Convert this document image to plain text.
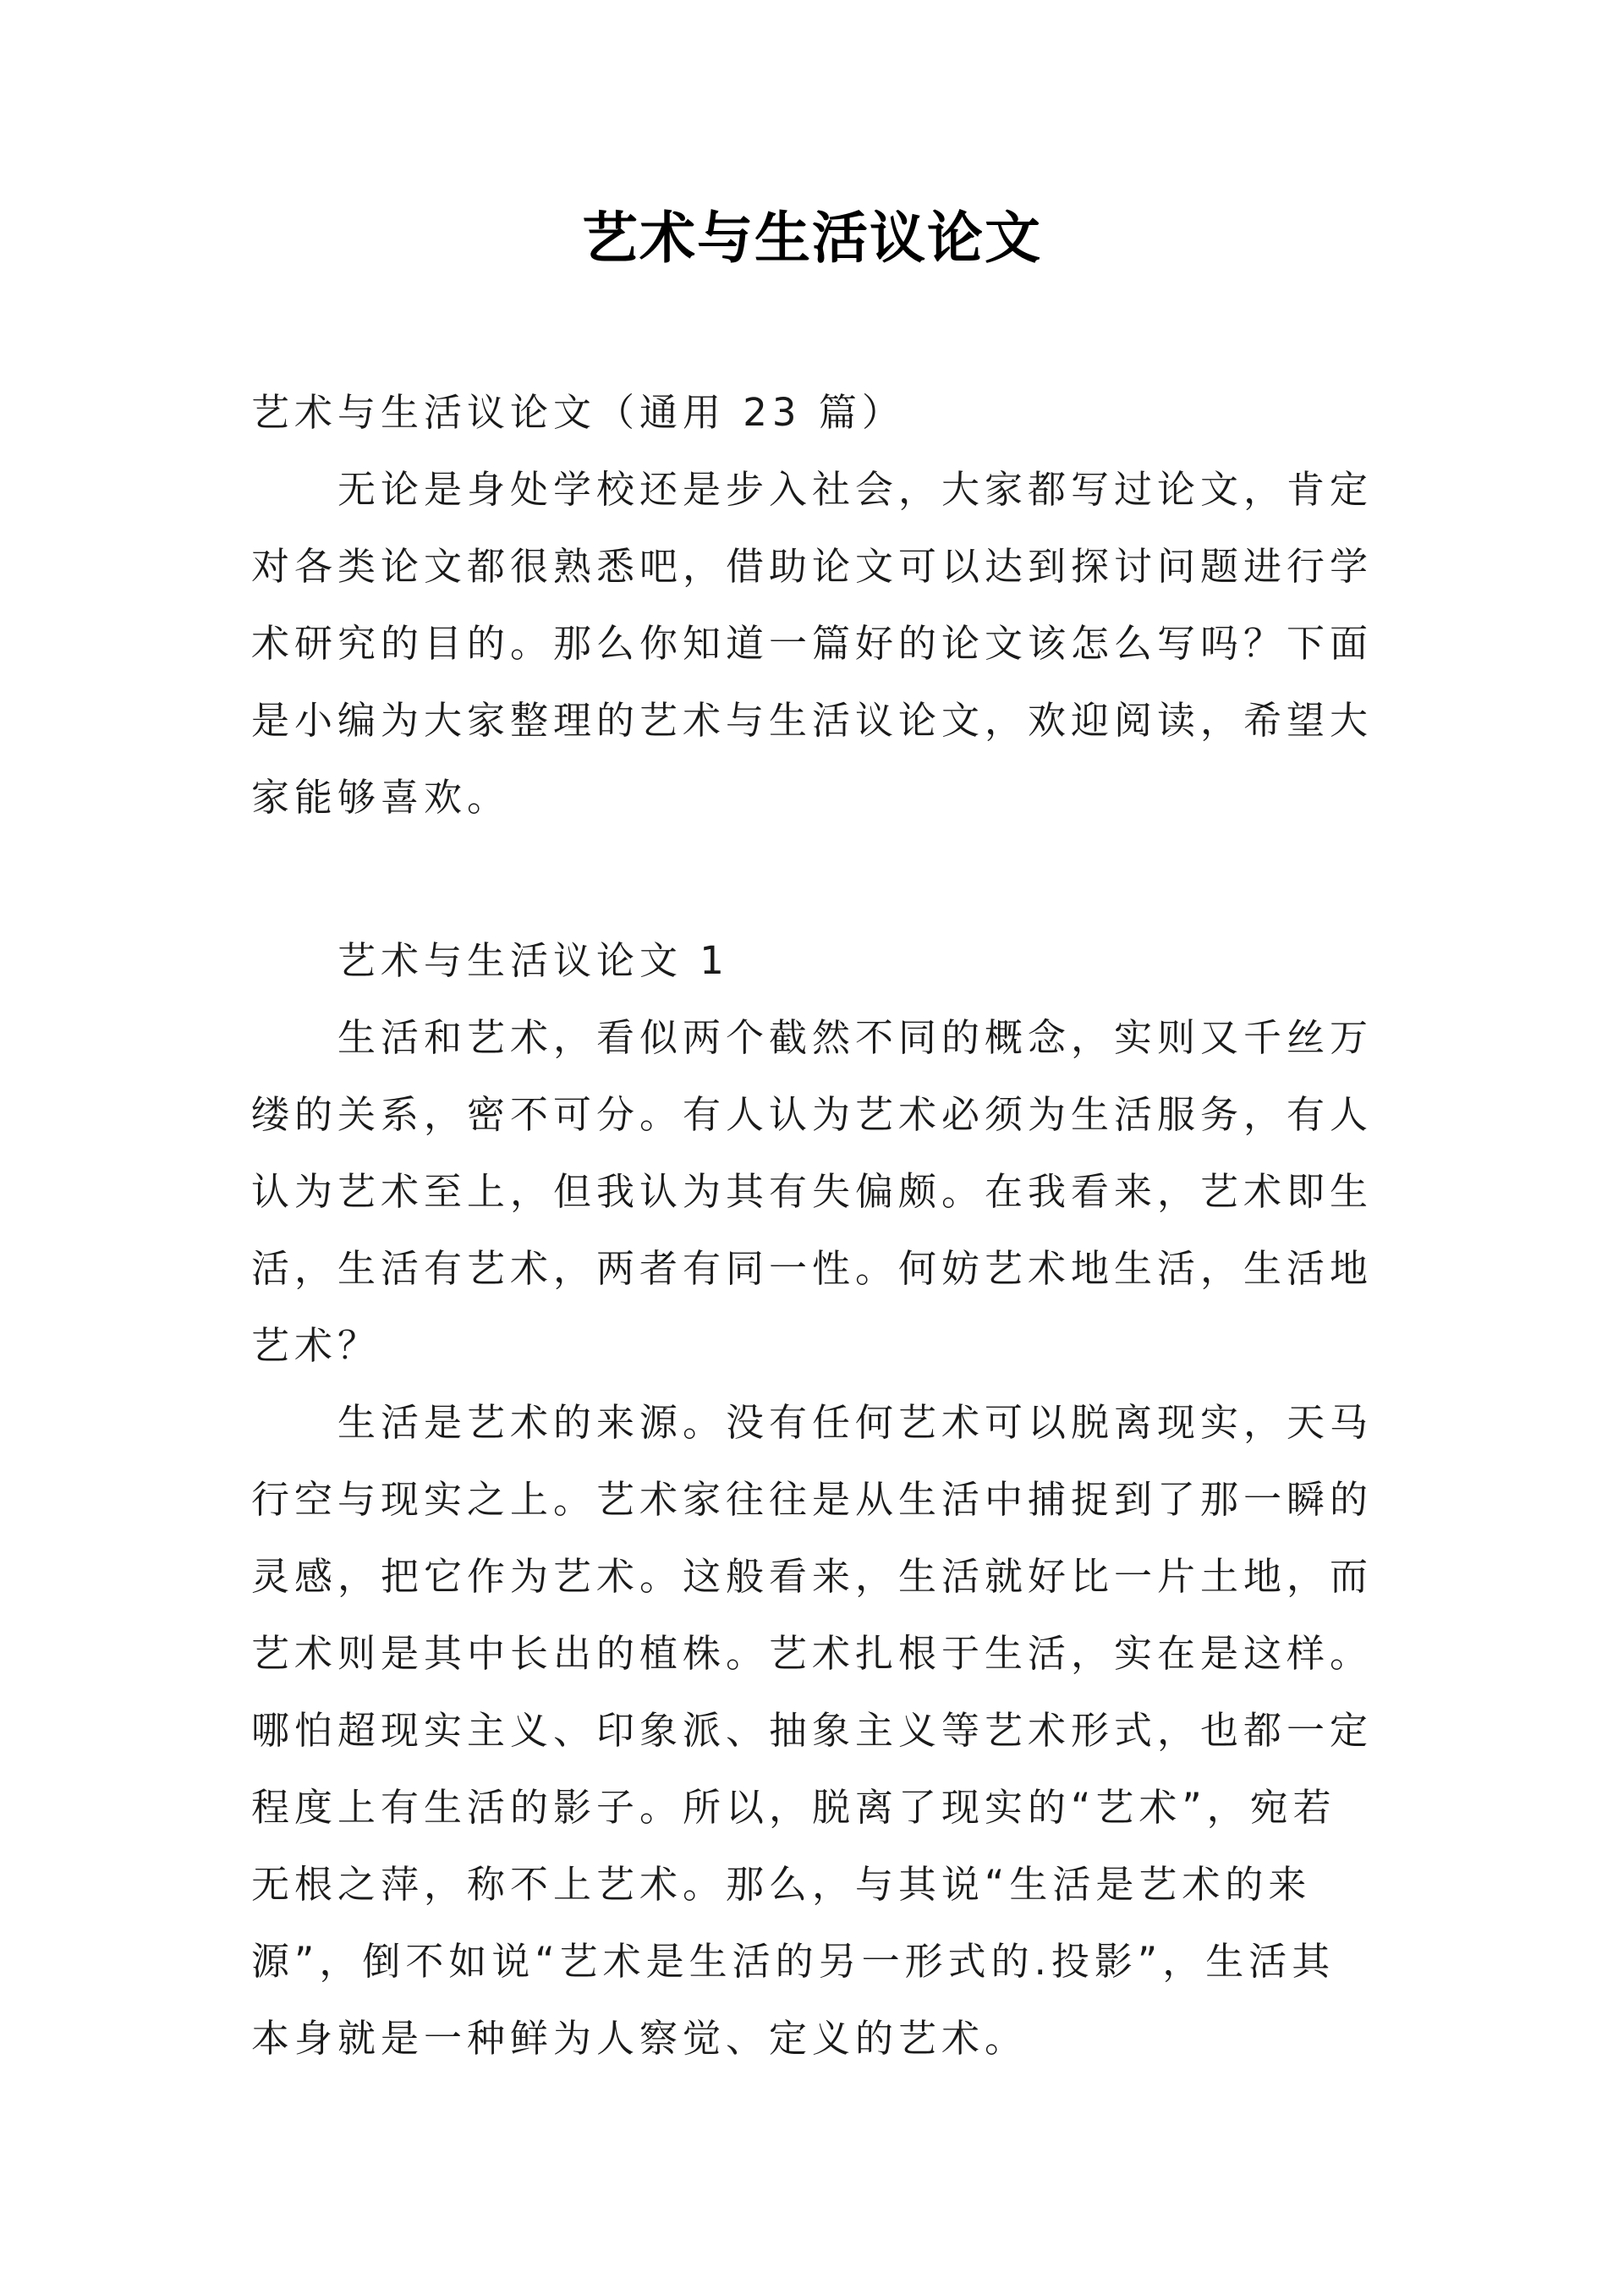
艺术与生活议论文
艺术与生活议论文（通用 23 篇）
无论是身处学校还是步入社会，大家都写过论文，肯定
对各类论文都很熟悉吧，借助论文可以达到探讨问题进行学
术研究的目的。那么你知道一篇好的论文该怎么写吗？下面
是小编为大家整理的艺术与生活议论文，欢迎阅读，希望大
家能够喜欢。
艺术与生活议论文 1
生活和艺术，看似两个截然不同的概念，实则又千丝万
缕的关系，密不可分。有人认为艺术必须为生活服务，有人
认为艺术至上，但我认为其有失偏颇。在我看来，艺术即生
活，生活有艺术，两者有同一性。何妨艺术地生活，生活地
艺术？
生活是艺术的来源。没有任何艺术可以脱离现实，天马
行空与现实之上。艺术家往往是从生活中捕捉到了那一瞬的
灵感，把它作为艺术。这般看来，生活就好比一片土地，而
艺术则是其中长出的植株。艺术扎根于生活，实在是这样。
哪怕超现实主义、印象派、抽象主义等艺术形式，也都一定
程度上有生活的影子。所以，脱离了现实的“艺术”，宛若
无根之萍，称不上艺术。那么，与其说“生活是艺术的来
源”，倒不如说“艺术是生活的另一形式的.投影”，生活其
本身就是一种鲜为人察觉、定义的艺术。
